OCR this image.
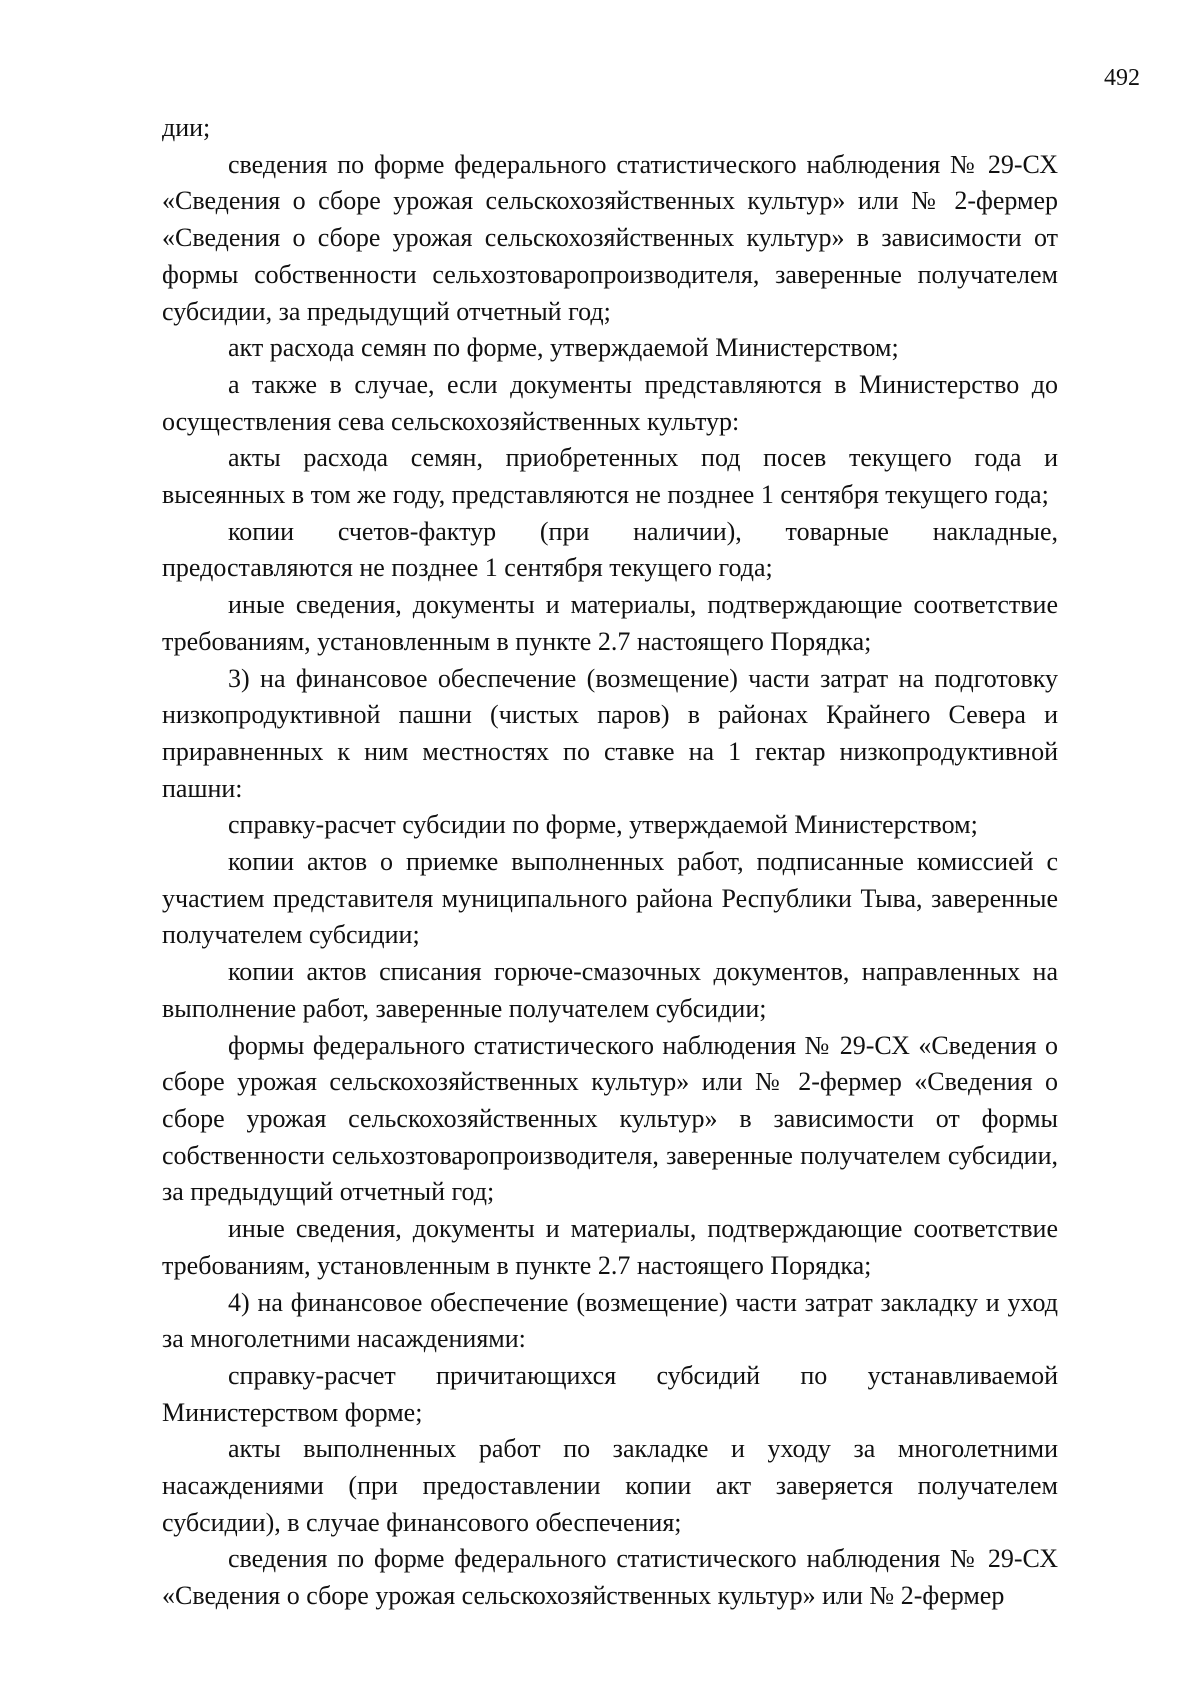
492

дии;

сведения по форме федерального статистического наблюдения № 29-СХ «Сведения о сборе урожая сельскохозяйственных культур» или № 2-фермер «Сведения о сборе урожая сельскохозяйственных культур» в зависимости от формы собственности сельхозтоваропроизводителя, заверенные получателем субсидии, за предыдущий отчетный год;

акт расхода семян по форме, утверждаемой Министерством;

а также в случае, если документы представляются в Министерство до осуществления сева сельскохозяйственных культур:

акты расхода семян, приобретенных под посев текущего года и высеянных в том же году, представляются не позднее 1 сентября текущего года;

копии счетов-фактур (при наличии), товарные накладные, предоставляются не позднее 1 сентября текущего года;

иные сведения, документы и материалы, подтверждающие соответствие требованиям, установленным в пункте 2.7 настоящего Порядка;

3) на финансовое обеспечение (возмещение) части затрат на подготовку низкопродуктивной пашни (чистых паров) в районах Крайнего Севера и приравненных к ним местностях по ставке на 1 гектар низкопродуктивной пашни:

справку-расчет субсидии по форме, утверждаемой Министерством;

копии актов о приемке выполненных работ, подписанные комиссией с участием представителя муниципального района Республики Тыва, заверенные получателем субсидии;

копии актов списания горюче-смазочных документов, направленных на выполнение работ, заверенные получателем субсидии;

формы федерального статистического наблюдения № 29-СХ «Сведения о сборе урожая сельскохозяйственных культур» или № 2-фермер «Сведения о сборе урожая сельскохозяйственных культур» в зависимости от формы собственности сельхозтоваропроизводителя, заверенные получателем субсидии, за предыдущий отчетный год;

иные сведения, документы и материалы, подтверждающие соответствие требованиям, установленным в пункте 2.7 настоящего Порядка;

4) на финансовое обеспечение (возмещение) части затрат закладку и уход за многолетними насаждениями:

справку-расчет причитающихся субсидий по устанавливаемой Министерством форме;

акты выполненных работ по закладке и уходу за многолетними насаждениями (при предоставлении копии акт заверяется получателем субсидии), в случае финансового обеспечения;

сведения по форме федерального статистического наблюдения № 29-СХ «Сведения о сборе урожая сельскохозяйственных культур» или № 2-фермер
